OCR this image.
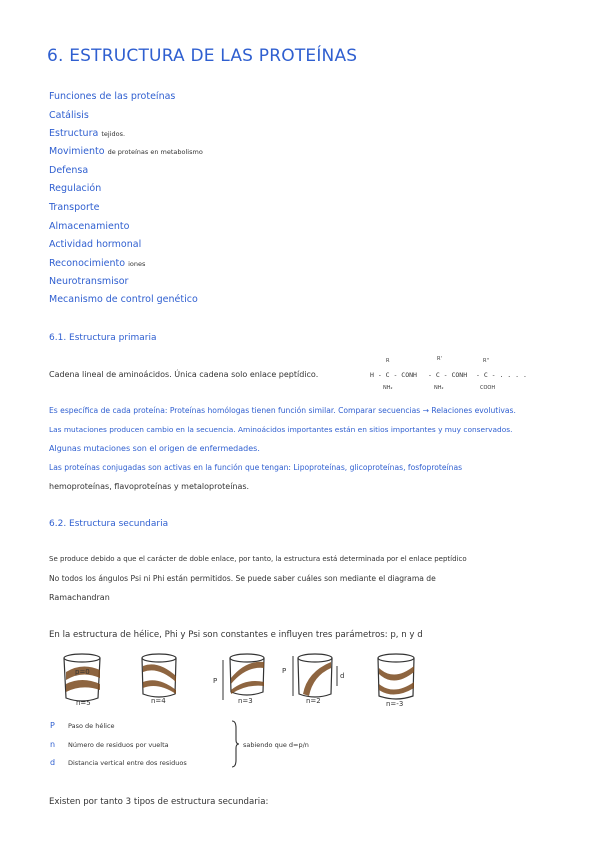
6. ESTRUCTURA DE LAS PROTEÍNAS
Funciones de las proteínas
Catálisis
Estructura tejidos.
Movimiento de proteínas en metabolismo
Defensa
Regulación
Transporte
Almacenamiento
Actividad hormonal
Reconocimiento iones
Neurotransmisor
Mecanismo de control genético
6.1. Estructura primaria
Cadena lineal de aminoácidos. Única cadena solo enlace peptídico.
R	R'	R''
H - C - CONH - C - CONH - C - . . . .
NH₂	NH₂	COOH
Es específica de cada proteína: Proteínas homólogas tienen función similar. Comparar secuencias → Relaciones evolutivas.
Las mutaciones producen cambio en la secuencia. Aminoácidos importantes están en sitios importantes y muy conservados.
Algunas mutaciones son el origen de enfermedades.
Las proteínas conjugadas son activas en la función que tengan: Lipoproteínas, glicoproteínas, fosfoproteínas
hemoproteínas, flavoproteínas y metaloproteínas.
6.2. Estructura secundaria
Se produce debido a que el carácter de doble enlace, por tanto, la estructura está determinada por el enlace peptídico
No todos los ángulos Psi ni Phi están permitidos. Se puede saber cuáles son mediante el diagrama de
Ramachandran
En la estructura de hélice, Phi y Psi son constantes e influyen tres parámetros: p, n y d
p=0
n=5	n=4
P
n=3
P
d
n=2	n=-3
P Paso de hélice
n Número de residuos por vuelta
d Distancia vertical entre dos residuos
sabiendo que d=p/n
Existen por tanto 3 tipos de estructura secundaria:
